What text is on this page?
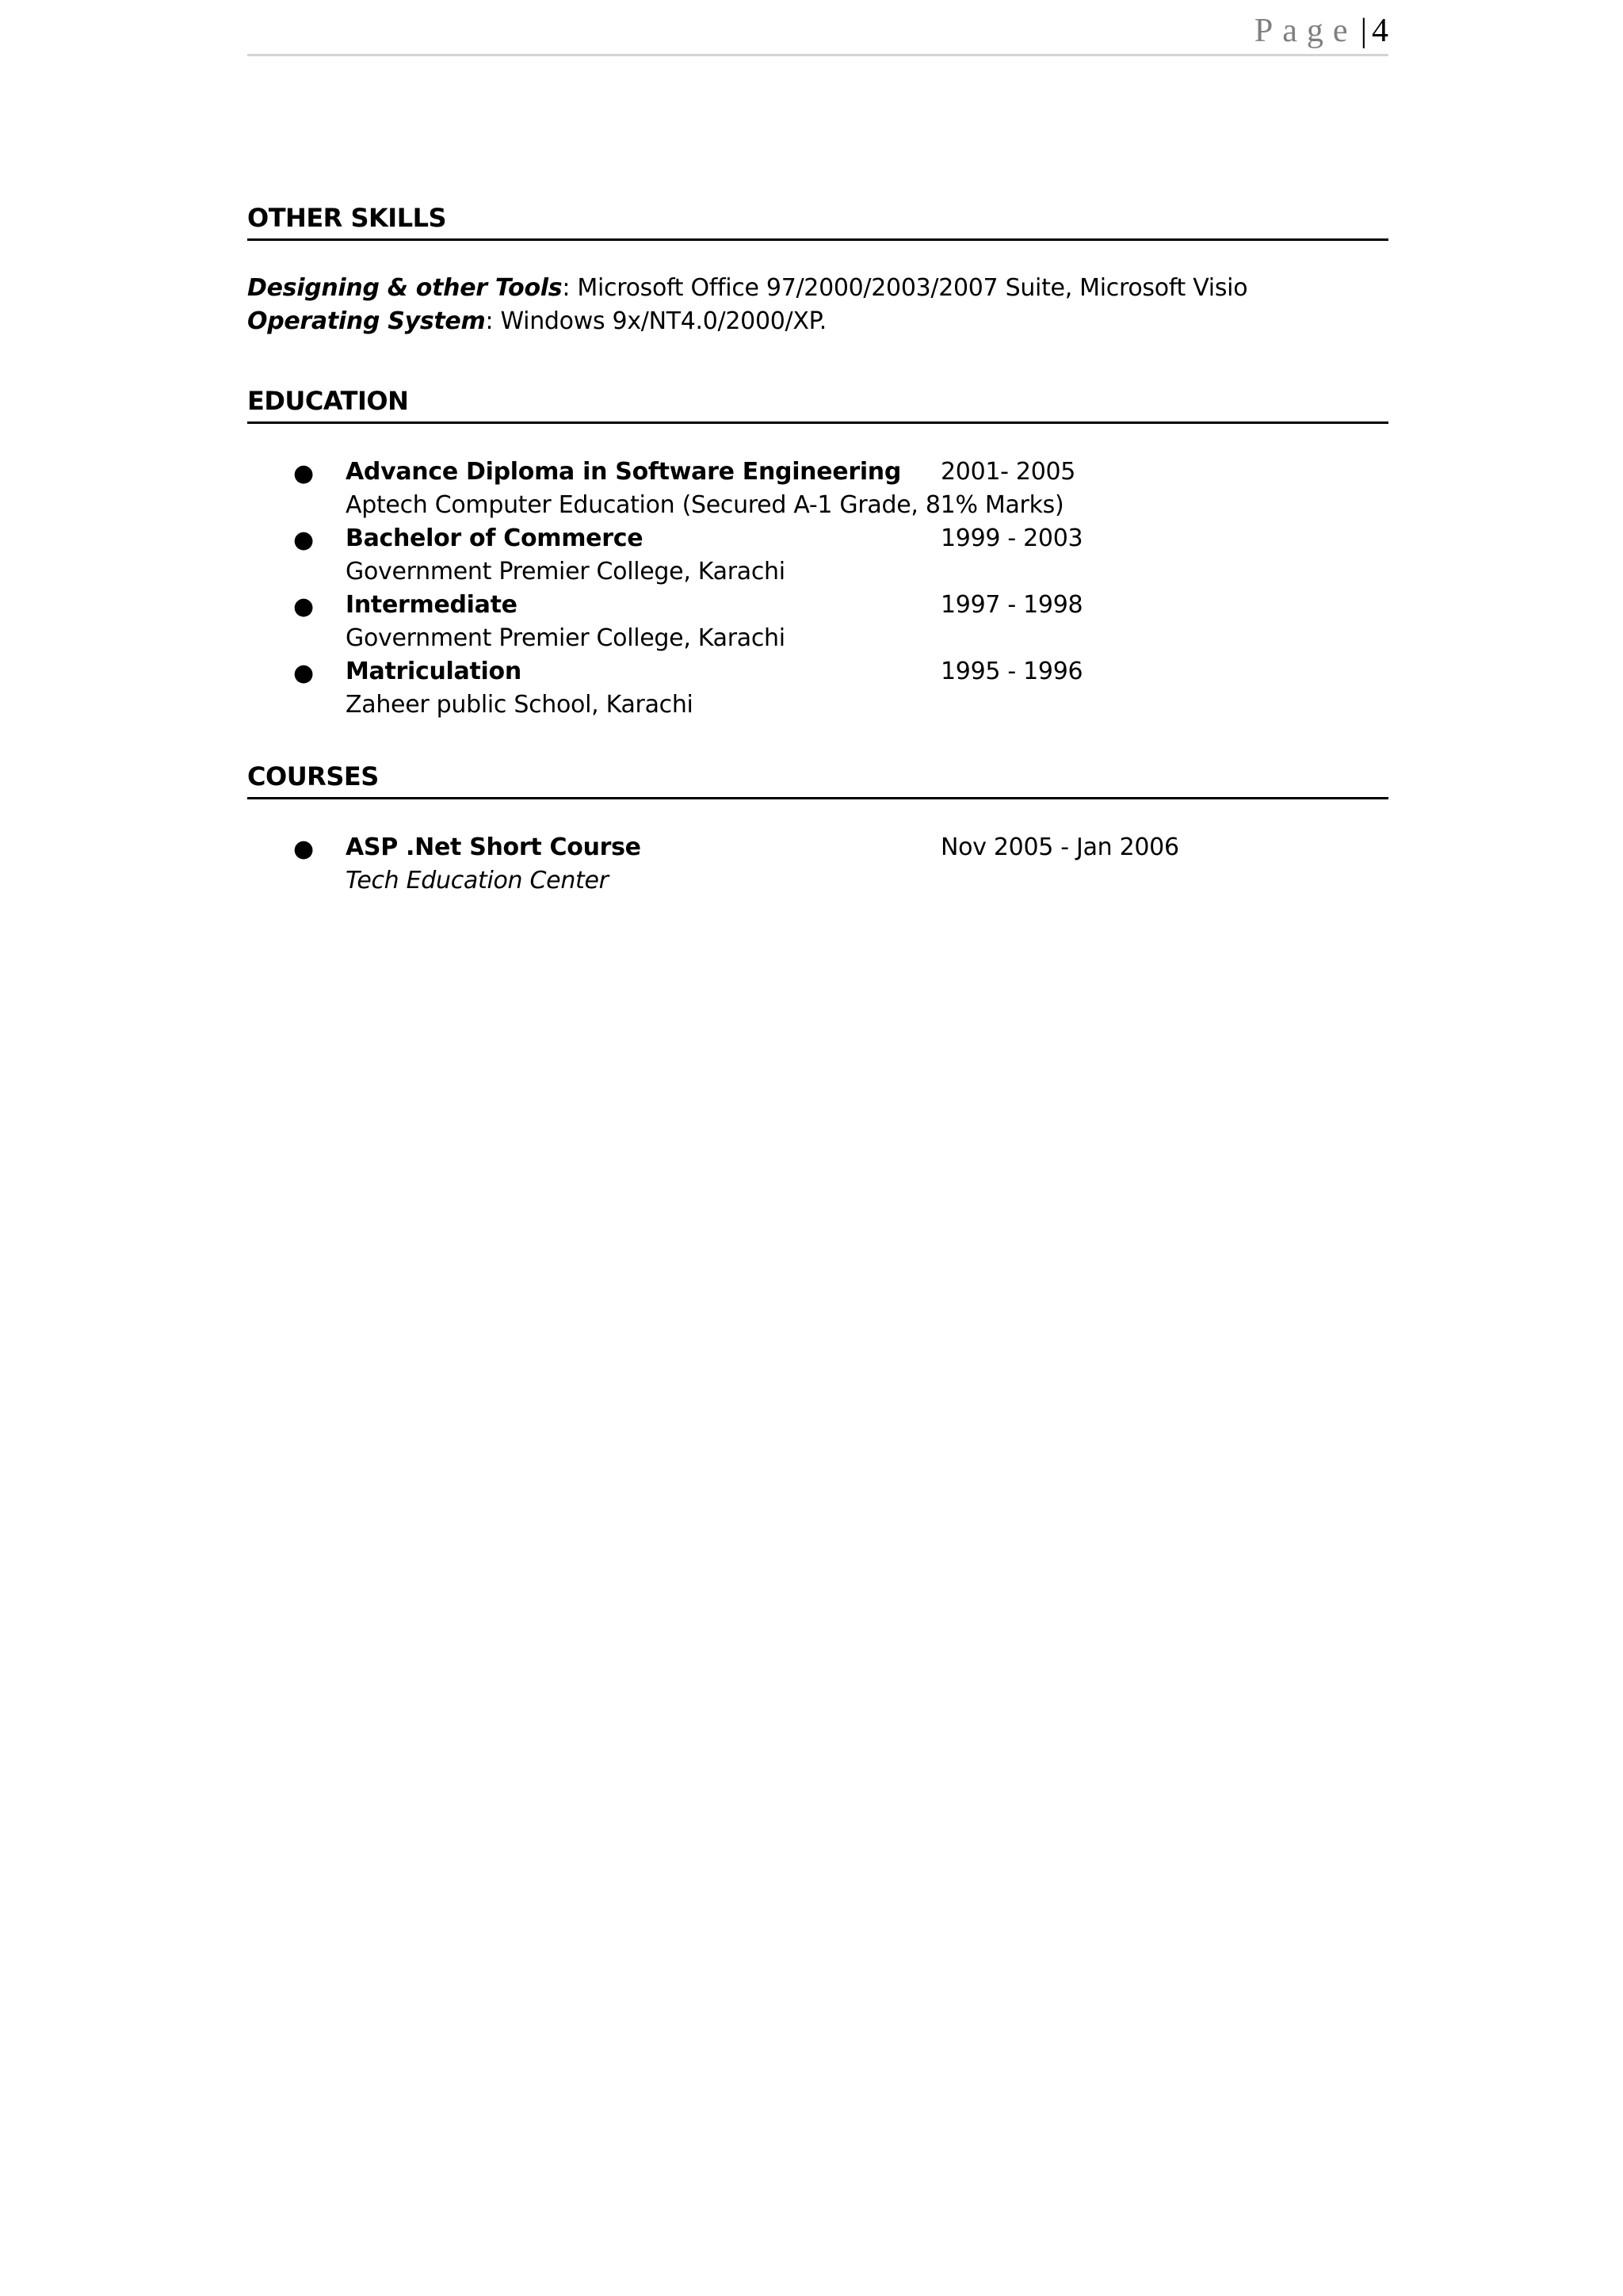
Page| 4
OTHER SKILLS
Designing & other Tools: Microsoft Office 97/2000/2003/2007 Suite, Microsoft Visio
Operating System: Windows 9x/NT4.0/2000/XP.
EDUCATION
● Advance Diploma in Software Engineering 2001- 2005
Aptech Computer Education (Secured A-1 Grade, 81% Marks)
● Bachelor of Commerce	1999 - 2003
Government Premier College, Karachi
● Intermediate	1997 - 1998
Government Premier College, Karachi
● Matriculation	1995 - 1996
Zaheer public School, Karachi
COURSES
● ASP .Net Short Course	Nov 2005 - Jan 2006
Tech Education Center
